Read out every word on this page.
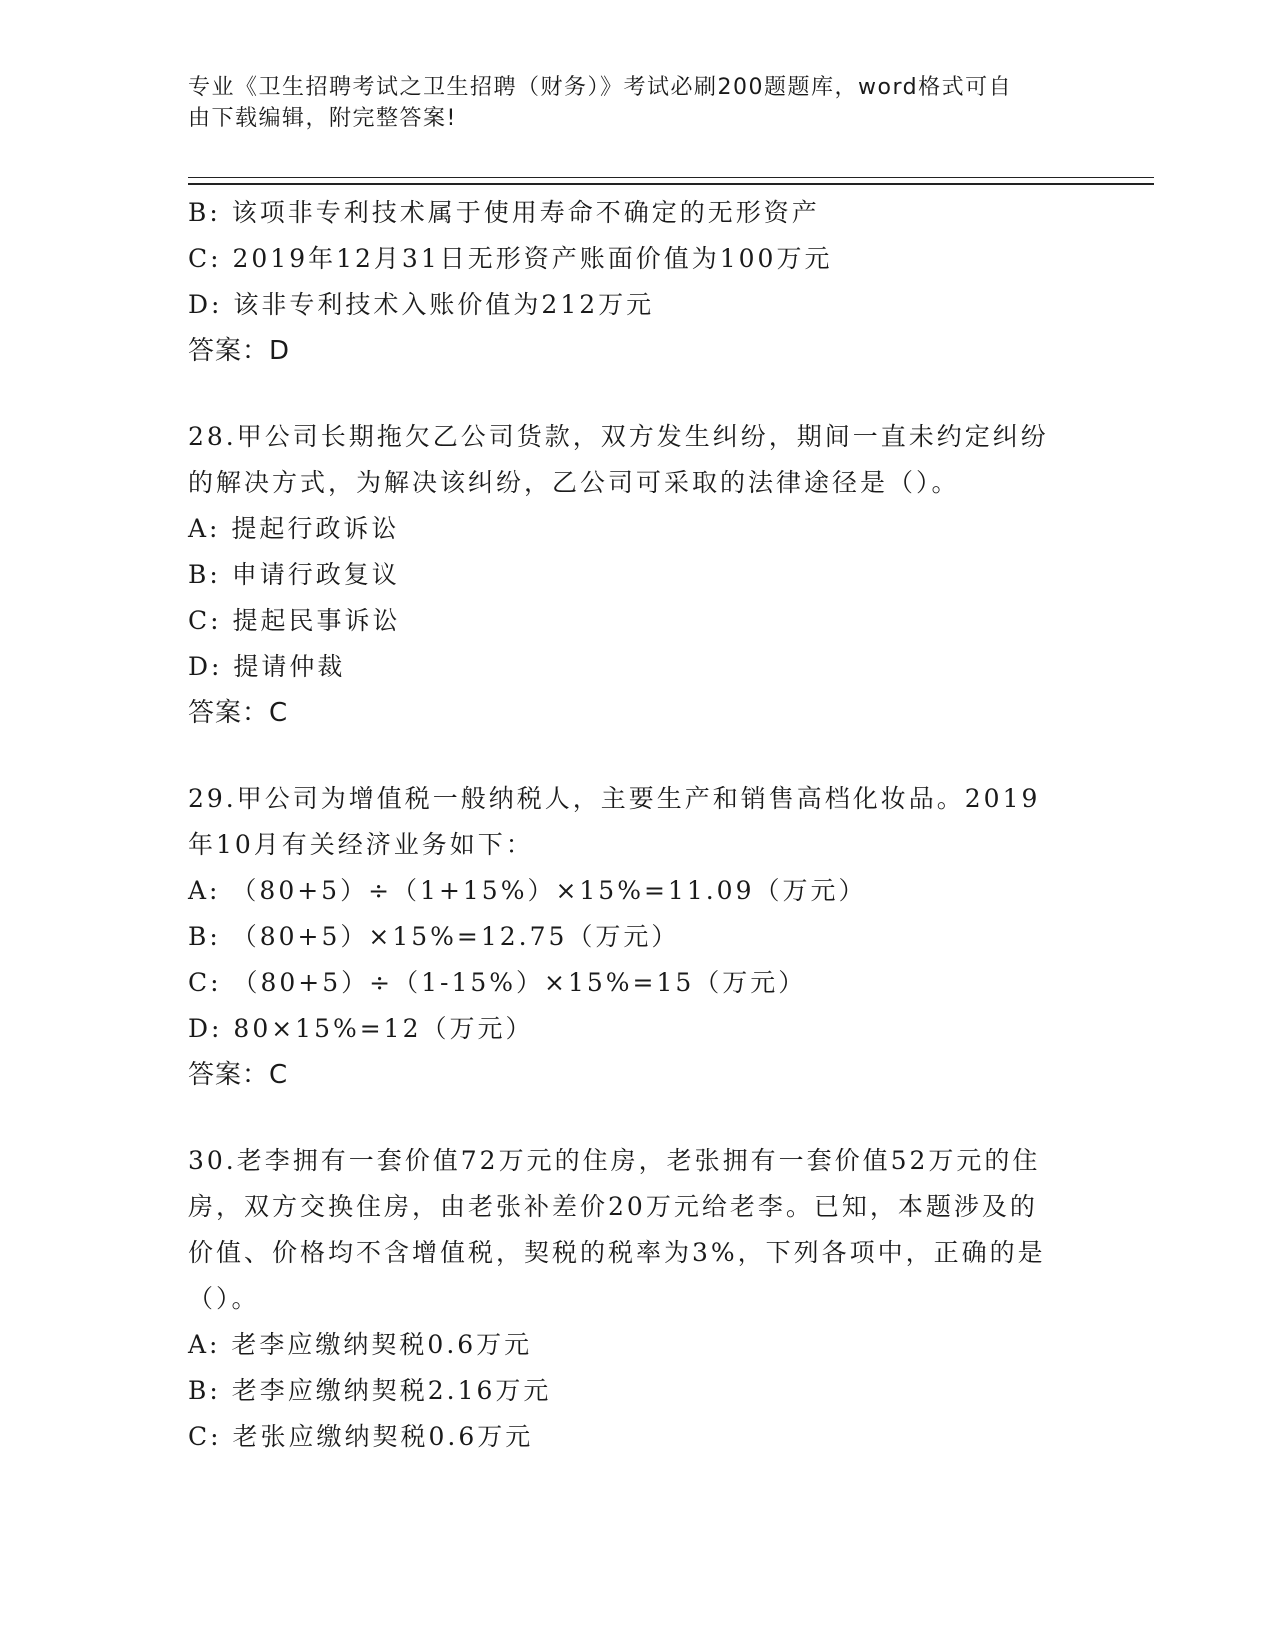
专业《卫生招聘考试之卫生招聘（财务）》考试必刷200题题库，word格式可自
由下载编辑，附完整答案!
B: 该项非专利技术属于使用寿命不确定的无形资产
C: 2019年12月31日无形资产账面价值为100万元
D: 该非专利技术入账价值为212万元
答案：D
28.甲公司长期拖欠乙公司货款，双方发生纠纷，期间一直未约定纠纷
的解决方式，为解决该纠纷，乙公司可采取的法律途径是（）。
A: 提起行政诉讼
B: 申请行政复议
C: 提起民事诉讼
D: 提请仲裁
答案：C
29.甲公司为增值税一般纳税人，主要生产和销售高档化妆品。2019
年10月有关经济业务如下：
A: （80+5）÷（1+15%）×15%=11.09（万元）
B: （80+5）×15%=12.75（万元）
C: （80+5）÷（1-15%）×15%=15（万元）
D: 80×15%=12（万元）
答案：C
30.老李拥有一套价值72万元的住房，老张拥有一套价值52万元的住
房，双方交换住房，由老张补差价20万元给老李。已知，本题涉及的
价值、价格均不含增值税，契税的税率为3%，下列各项中，正确的是
（）。
A: 老李应缴纳契税0.6万元
B: 老李应缴纳契税2.16万元
C: 老张应缴纳契税0.6万元
